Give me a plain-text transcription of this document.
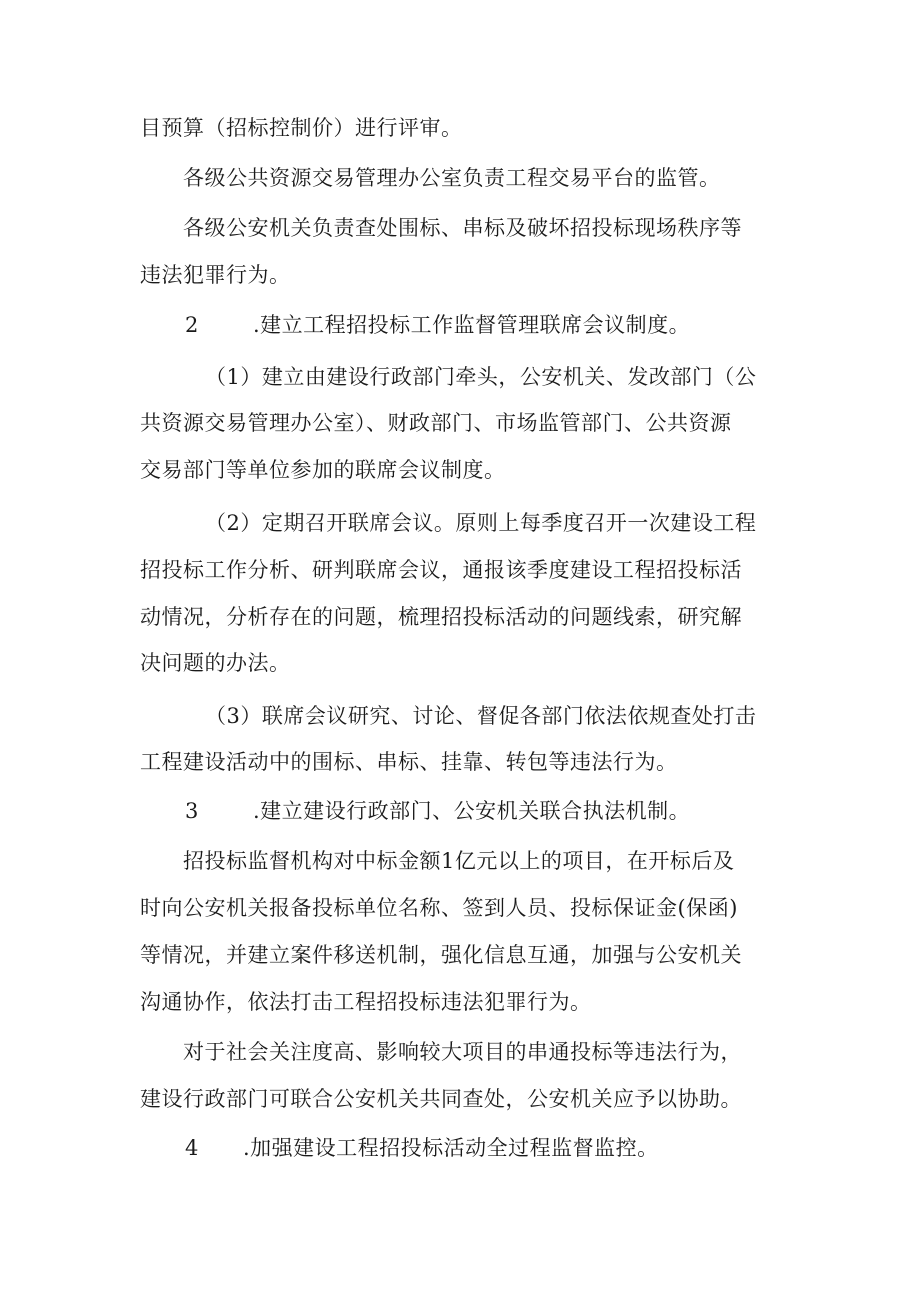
目预算（招标控制价）进行评审。
各级公共资源交易管理办公室负责工程交易平台的监管。
各级公安机关负责查处围标、串标及破坏招投标现场秩序等
违法犯罪行为。
2	.建立工程招投标工作监督管理联席会议制度。
（1）建立由建设行政部门牵头，公安机关、发改部门（公
共资源交易管理办公室）、财政部门、市场监管部门、公共资源
交易部门等单位参加的联席会议制度。
（2）定期召开联席会议。原则上每季度召开一次建设工程
招投标工作分析、研判联席会议，通报该季度建设工程招投标活
动情况，分析存在的问题，梳理招投标活动的问题线索，研究解
决问题的办法。
（3）联席会议研究、讨论、督促各部门依法依规查处打击
工程建设活动中的围标、串标、挂靠、转包等违法行为。
3	.建立建设行政部门、公安机关联合执法机制。
招投标监督机构对中标金额1亿元以上的项目，在开标后及
时向公安机关报备投标单位名称、签到人员、投标保证金(保函)
等情况，并建立案件移送机制，强化信息互通，加强与公安机关
沟通协作，依法打击工程招投标违法犯罪行为。
对于社会关注度高、影响较大项目的串通投标等违法行为，
建设行政部门可联合公安机关共同查处，公安机关应予以协助。
4 .加强建设工程招投标活动全过程监督监控。
